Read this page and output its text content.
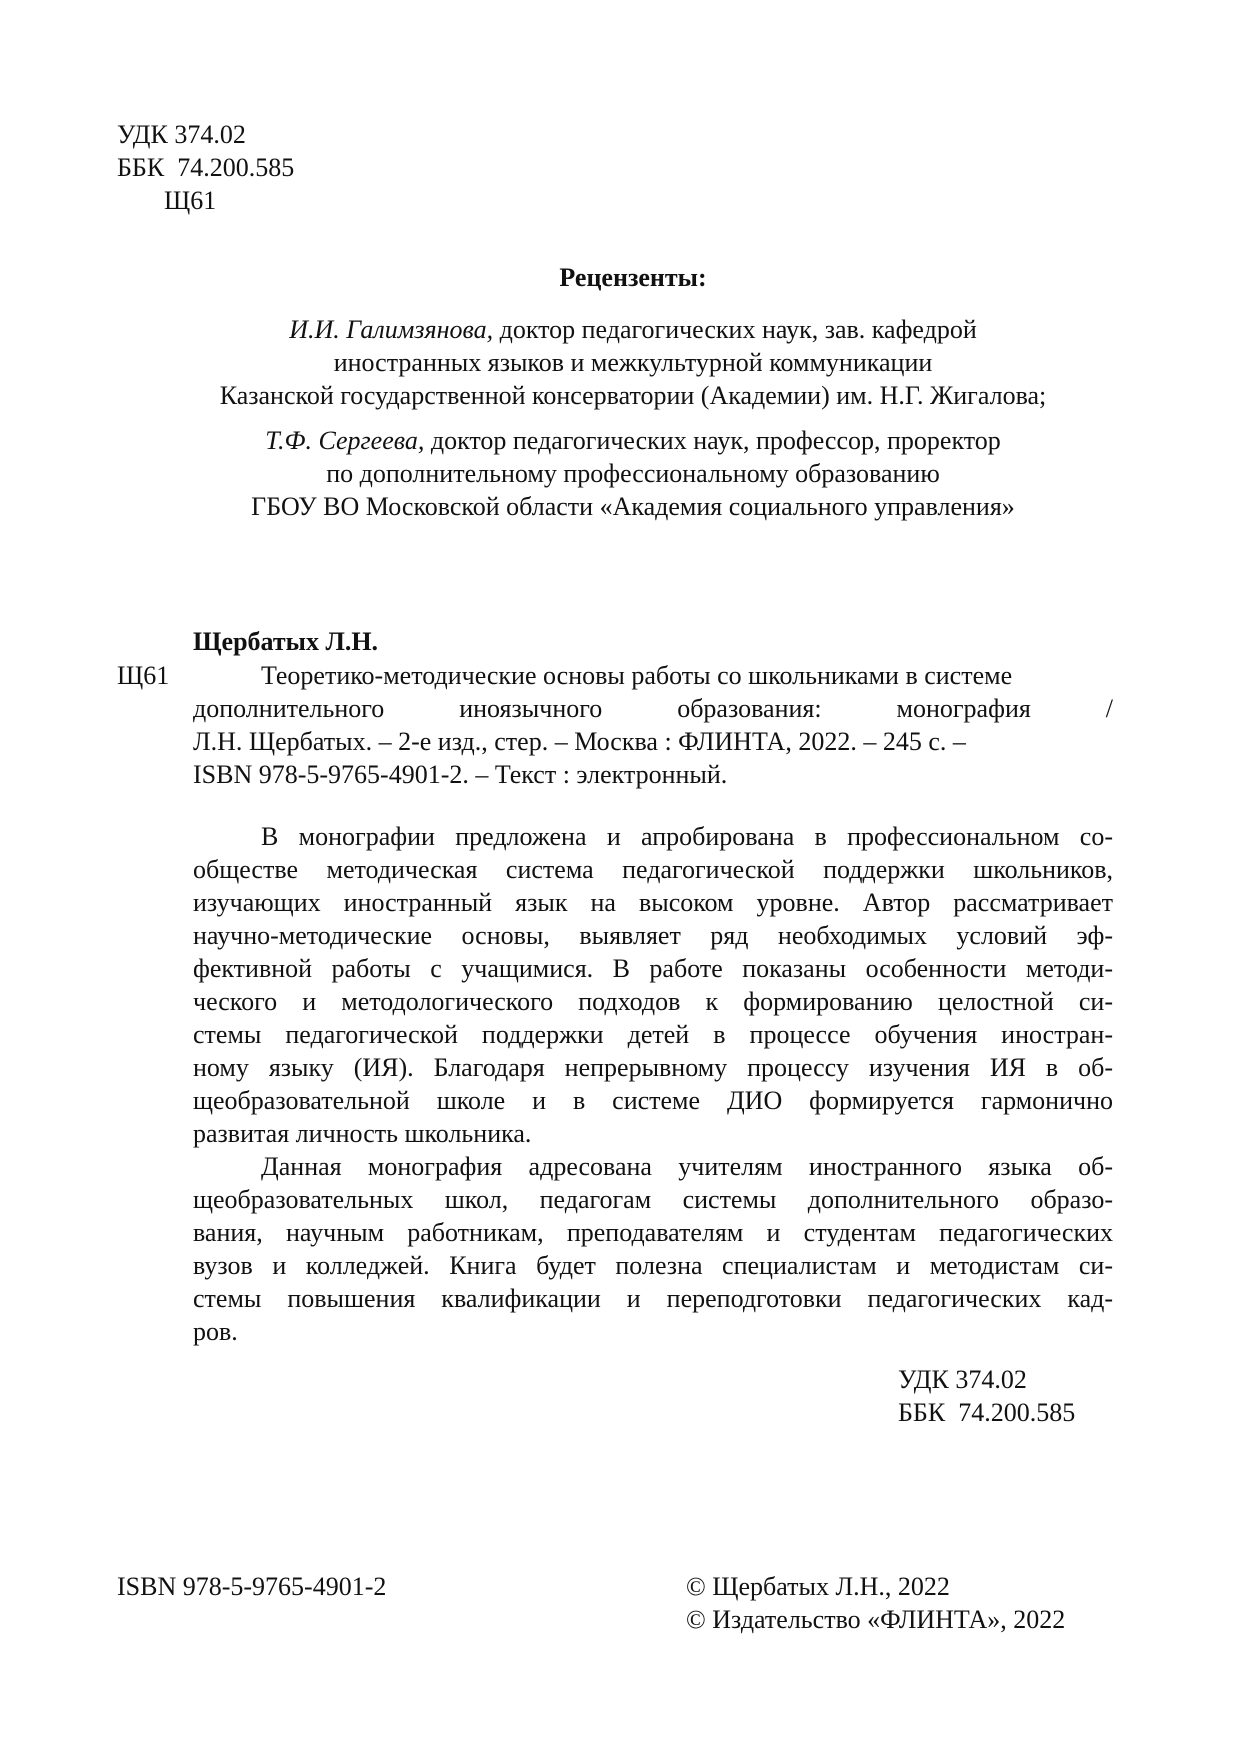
УДК 374.02
ББК  74.200.585
Щ61
Рецензенты:
И.И. Галимзянова, доктор педагогических наук, зав. кафедрой
иностранных языков и межкультурной коммуникации
Казанской государственной консерватории (Академии) им. Н.Г. Жигалова;
Т.Ф. Сергеева, доктор педагогических наук, профессор, проректор
по дополнительному профессиональному образованию
ГБОУ ВО Московской области «Академия социального управления»
Щербатых Л.Н.
Щ61	Теоретико-методические основы работы со школьниками в системе
дополнительного иноязычного образования: монография /
Л.Н. Щербатых. – 2-е изд., стер. – Москва : ФЛИНТА, 2022. – 245 с. –
ISBN 978-5-9765-4901-2. – Текст : электронный.

В монографии предложена и апробирована в профессиональном со-
обществе методическая система педагогической поддержки школьников,
изучающих иностранный язык на высоком уровне. Автор рассматривает
научно-методические основы, выявляет ряд необходимых условий эф-
фективной работы с учащимися. В работе показаны особенности методи-
ческого и методологического подходов к формированию целостной си-
стемы педагогической поддержки детей в процессе обучения иностран-
ному языку (ИЯ). Благодаря непрерывному процессу изучения ИЯ в об-
щеобразовательной школе и в системе ДИО формируется гармонично
развитая личность школьника.

Данная монография адресована учителям иностранного языка об-
щеобразовательных школ, педагогам системы дополнительного образо-
вания, научным работникам, преподавателям и студентам педагогических
вузов и колледжей. Книга будет полезна специалистам и методистам си-
стемы повышения квалификации и переподготовки педагогических кад-
ров.

УДК 374.02
ББК  74.200.585
ISBN 978-5-9765-4901-2	© Щербатых Л.Н., 2022
© Издательство «ФЛИНТА», 2022
